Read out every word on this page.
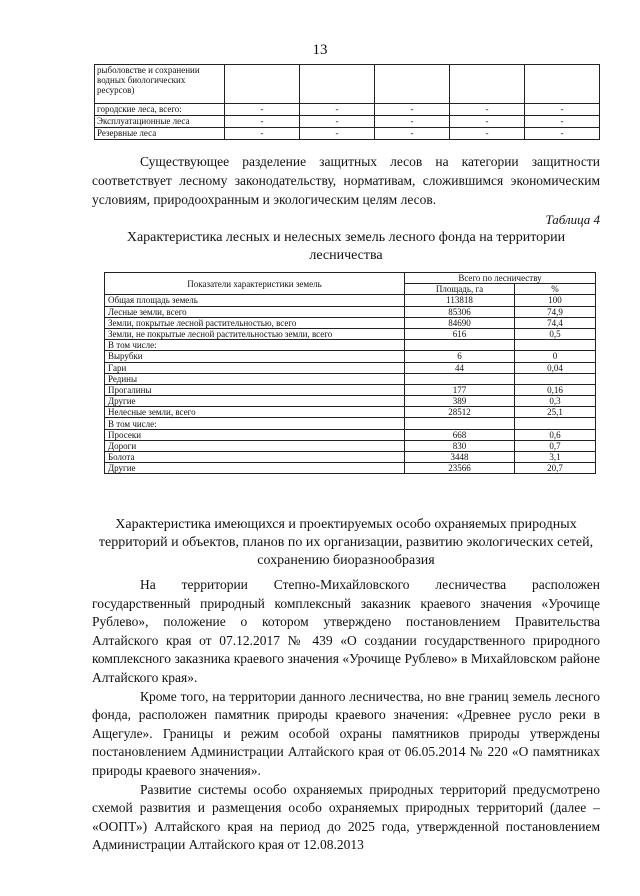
13
рыболовстве и сохранении водных биологических ресурсов)					
городские леса, всего:	-	-	-	-	-
Эксплуатационные леса	-	-	-	-	-
Резервные леса	-	-	-	-	-
Существующее разделение защитных лесов на категории защитности соответствует лесному законодательству, нормативам, сложившимся экономическим условиям, природоохранным и экологическим целям лесов.
Характеристика лесных и нелесных земель лесного фонда на территории лесничества
Таблица 4
Показатели характеристики земель	Всего по лесничеству	
	Площадь, га	%
Общая площадь земель	113818	100
Лесные земли, всего	85306	74,9
Земли, покрытые лесной растительностью, всего	84690	74,4
Земли, не покрытые лесной растительностью земли, всего	616	0,5
В том числе:		
Вырубки	6	0
Гари	44	0,04
Редины		
Прогалины	177	0,16
Другие	389	0,3
Нелесные земли, всего	28512	25,1
В том числе:		
Просеки	668	0,6
Дороги	830	0,7
Болота	3448	3,1
Другие	23566	20,7
Характеристика имеющихся и проектируемых особо охраняемых природных территорий и объектов, планов по их организации, развитию экологических сетей, сохранению биоразнообразия

На территории Степно-Михайловского лесничества расположен государственный природный комплексный заказник краевого значения «Урочище Рублево», положение о котором утверждено постановлением Правительства Алтайского края от 07.12.2017 № 439 «О создании государственного природного комплексного заказника краевого значения «Урочище Рублево» в Михайловском районе Алтайского края».

Кроме того, на территории данного лесничества, но вне границ земель лесного фонда, расположен памятник природы краевого значения: «Древнее русло реки в Ащегуле». Границы и режим особой охраны памятников природы утверждены постановлением Администрации Алтайского края от 06.05.2014 № 220 «О памятниках природы краевого значения».

Развитие системы особо охраняемых природных территорий предусмотрено схемой развития и размещения особо охраняемых природных территорий (далее – «ООПТ») Алтайского края на период до 2025 года, утвержденной постановлением Администрации Алтайского края от 12.08.2013
